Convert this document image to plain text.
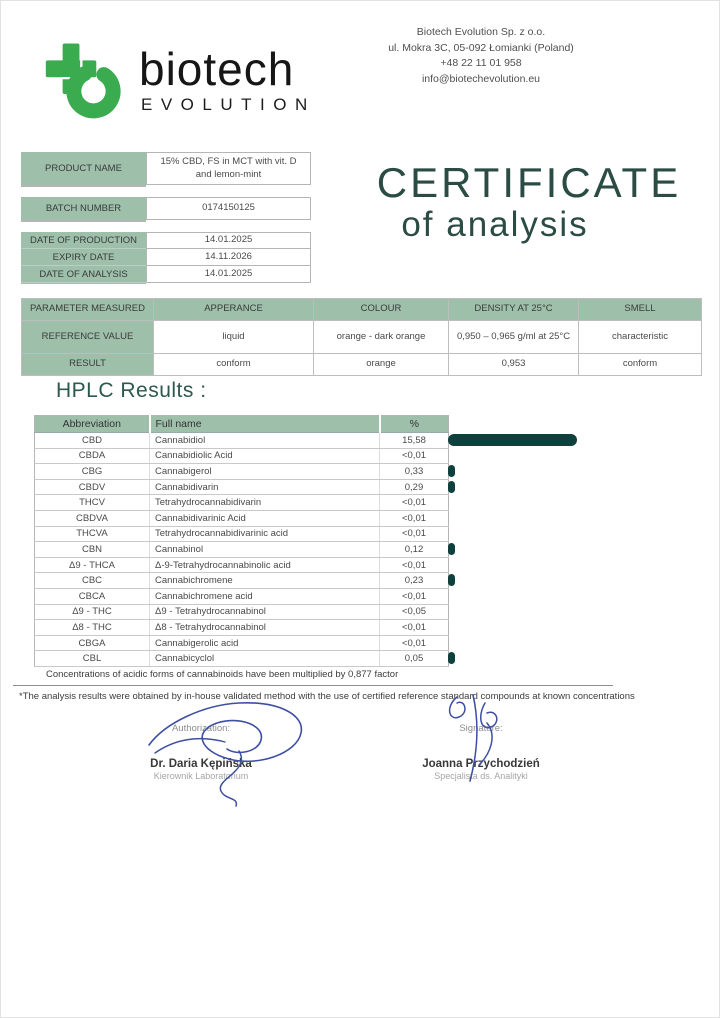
biotech
EVOLUTION
Biotech Evolution Sp. z o.o.
ul. Mokra 3C, 05-092 Łomianki (Poland)
+48 22 11 01 958
info@biotechevolution.eu
CERTIFICATE
of analysis
PRODUCT NAME
15% CBD, FS in MCT with vit. D and lemon-mint
BATCH NUMBER	0174150125
DATE OF PRODUCTION	14.01.2025
EXPIRY DATE	14.11.2026
DATE OF ANALYSIS	14.01.2025
PARAMETER MEASURED	APPERANCE	COLOUR	DENSITY AT 25°C	SMELL
REFERENCE VALUE	liquid	orange - dark orange	0,950 – 0,965 g/ml at 25°C	characteristic
RESULT	conform	orange	0,953	conform
HPLC Results :
Abbreviation	Full name	%
CBD	Cannabidiol	15,58
CBDA	Cannabidiolic Acid	<0,01
CBG	Cannabigerol	0,33
CBDV	Cannabidivarin	0,29
THCV	Tetrahydrocannabidivarin	<0,01
CBDVA	Cannabidivarinic Acid	<0,01
THCVA	Tetrahydrocannabidivarinic acid	<0,01
CBN	Cannabinol	0,12
Δ9 - THCA	Δ-9-Tetrahydrocannabinolic acid	<0,01
CBC	Cannabichromene	0,23
CBCA	Cannabichromene acid	<0,01
Δ9 - THC	Δ9 - Tetrahydrocannabinol	<0,05
Δ8 - THC	Δ8 - Tetrahydrocannabinol	<0,01
CBGA	Cannabigerolic acid	<0,01
CBL	Cannabicyclol	0,05
Concentrations of acidic forms of cannabinoids have been multiplied by 0,877 factor
*The analysis results were obtained by in-house validated method with the use of certified reference standard compounds at known concentrations
Authorization:
Dr. Daria Kępińska
Kierownik Laboratorium
Signature:
Joanna Przychodzień
Specjalista ds. Analityki
